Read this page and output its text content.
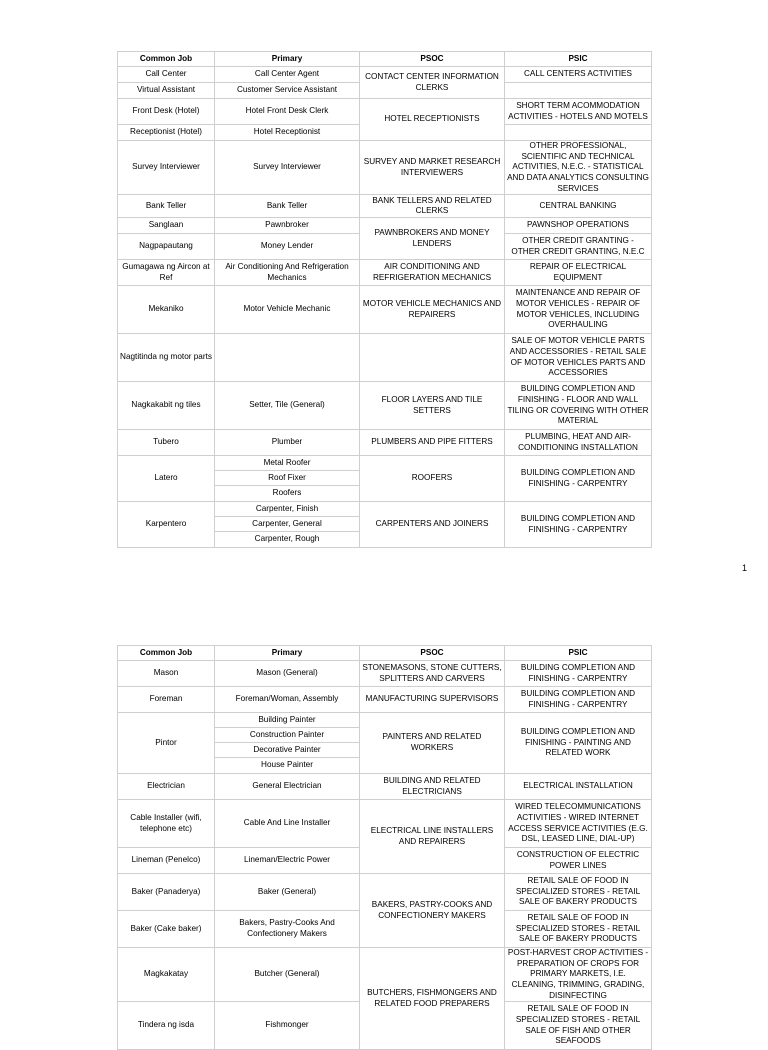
Common Job	Primary	PSOC	PSIC
Call Center	Call Center Agent	CONTACT CENTER INFORMATION CLERKS	CALL CENTERS ACTIVITIES
Virtual Assistant	Customer Service Assistant		
Front Desk (Hotel)	Hotel Front Desk Clerk	HOTEL RECEPTIONISTS	SHORT TERM ACOMMODATION ACTIVITIES - HOTELS AND MOTELS
Receptionist (Hotel)	Hotel Receptionist		
Survey Interviewer	Survey Interviewer	SURVEY AND MARKET RESEARCH INTERVIEWERS	OTHER PROFESSIONAL, SCIENTIFIC AND TECHNICAL ACTIVITIES, N.E.C. - STATISTICAL AND DATA ANALYTICS CONSULTING SERVICES
Bank Teller	Bank Teller	BANK TELLERS AND RELATED CLERKS	CENTRAL BANKING
Sanglaan	Pawnbroker	PAWNBROKERS AND MONEY LENDERS	PAWNSHOP OPERATIONS
Nagpapautang	Money Lender		OTHER CREDIT GRANTING - OTHER CREDIT GRANTING, N.E.C
Gumagawa ng Aircon at Ref	Air Conditioning And Refrigeration Mechanics	AIR CONDITIONING AND REFRIGERATION MECHANICS	REPAIR OF ELECTRICAL EQUIPMENT
Mekaniko	Motor Vehicle Mechanic	MOTOR VEHICLE MECHANICS AND REPAIRERS	MAINTENANCE AND REPAIR OF MOTOR VEHICLES - REPAIR OF MOTOR VEHICLES, INCLUDING OVERHAULING
Nagtitinda ng motor parts			SALE OF MOTOR VEHICLE PARTS AND ACCESSORIES - RETAIL SALE OF MOTOR VEHICLES PARTS AND ACCESSORIES
Nagkakabit ng tiles	Setter, Tile (General)	FLOOR LAYERS AND TILE SETTERS	BUILDING COMPLETION AND FINISHING - FLOOR AND WALL TILING OR COVERING WITH OTHER MATERIAL
Tubero	Plumber	PLUMBERS AND PIPE FITTERS	PLUMBING, HEAT AND AIR-CONDITIONING INSTALLATION
Latero	Metal Roofer	ROOFERS	BUILDING COMPLETION AND FINISHING - CARPENTRY
	Roof Fixer		
	Roofers		
Karpentero	Carpenter, Finish	CARPENTERS AND JOINERS	BUILDING COMPLETION AND FINISHING - CARPENTRY
	Carpenter, General		
	Carpenter, Rough		
1
Common Job	Primary	PSOC	PSIC
Mason	Mason (General)	STONEMASONS, STONE CUTTERS, SPLITTERS AND CARVERS	BUILDING COMPLETION AND FINISHING - CARPENTRY
Foreman	Foreman/Woman, Assembly	MANUFACTURING SUPERVISORS	BUILDING COMPLETION AND FINISHING - CARPENTRY
Pintor	Building Painter	PAINTERS AND RELATED WORKERS	BUILDING COMPLETION AND FINISHING - PAINTING AND RELATED WORK
	Construction Painter		
	Decorative Painter		
	House Painter		
Electrician	General Electrician	BUILDING AND RELATED ELECTRICIANS	ELECTRICAL INSTALLATION
Cable Installer (wifi, telephone etc)	Cable And Line Installer	ELECTRICAL LINE INSTALLERS AND REPAIRERS	WIRED TELECOMMUNICATIONS ACTIVITIES - WIRED INTERNET ACCESS SERVICE ACTIVITIES (E.G. DSL, LEASED LINE, DIAL-UP)
Lineman (Penelco)	Lineman/Electric Power		CONSTRUCTION OF ELECTRIC POWER LINES
Baker (Panaderya)	Baker (General)	BAKERS, PASTRY-COOKS AND CONFECTIONERY MAKERS	RETAIL SALE OF FOOD IN SPECIALIZED STORES - RETAIL SALE OF BAKERY PRODUCTS
Baker (Cake baker)	Bakers, Pastry-Cooks And Confectionery Makers		RETAIL SALE OF FOOD IN SPECIALIZED STORES - RETAIL SALE OF BAKERY PRODUCTS
Magkakatay	Butcher (General)	BUTCHERS, FISHMONGERS AND RELATED FOOD PREPARERS	POST-HARVEST CROP ACTIVITIES - PREPARATION OF CROPS FOR PRIMARY MARKETS, I.E. CLEANING, TRIMMING, GRADING, DISINFECTING
Tindera ng isda	Fishmonger		RETAIL SALE OF FOOD IN SPECIALIZED STORES - RETAIL SALE OF FISH AND OTHER SEAFOODS
